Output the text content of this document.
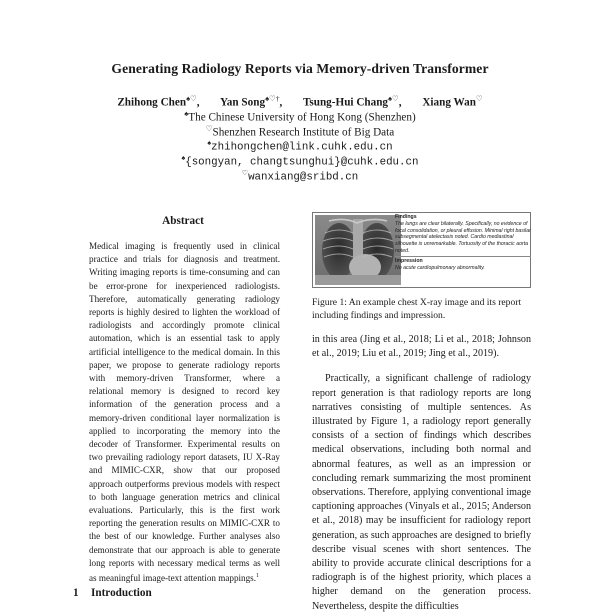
Generating Radiology Reports via Memory-driven Transformer
Zhihong Chen♠♡, Yan Song♠♡†, Tsung-Hui Chang♠♡, Xiang Wan♡
♠The Chinese University of Hong Kong (Shenzhen)
♡Shenzhen Research Institute of Big Data
♠zhihongchen@link.cuhk.edu.cn
♠{songyan, changtsunghui}@cuhk.edu.cn
♡wanxiang@sribd.cn
Abstract
Medical imaging is frequently used in clinical practice and trials for diagnosis and treatment. Writing imaging reports is time-consuming and can be error-prone for inexperienced radiologists. Therefore, automatically generating radiology reports is highly desired to lighten the workload of radiologists and accordingly promote clinical automation, which is an essential task to apply artificial intelligence to the medical domain. In this paper, we propose to generate radiology reports with memory-driven Transformer, where a relational memory is designed to record key information of the generation process and a memory-driven conditional layer normalization is applied to incorporating the memory into the decoder of Transformer. Experimental results on two prevailing radiology report datasets, IU X-Ray and MIMIC-CXR, show that our proposed approach outperforms previous models with respect to both language generation metrics and clinical evaluations. Particularly, this is the first work reporting the generation results on MIMIC-CXR to the best of our knowledge. Further analyses also demonstrate that our approach is able to generate long reports with necessary medical terms as well as meaningful image-text attention mappings.$^1$
1 Introduction
Findings
The lungs are clear bilaterally. Specifically, no evidence of focal consolidation, or pleural effusion. Minimal right basilar subsegmental atelectasis noted. Cardio mediastinal silhouette is unremarkable. Tortuosity of the thoracic aorta noted.
Impression
No acute cardiopulmonary abnormality.
Figure 1: An example chest X-ray image and its report including findings and impression.

in this area (Jing et al., 2018; Li et al., 2018; Johnson et al., 2019; Liu et al., 2019; Jing et al., 2019).

Practically, a significant challenge of radiology report generation is that radiology reports are long narratives consisting of multiple sentences. As illustrated by Figure 1, a radiology report generally consists of a section of findings which describes medical observations, including both normal and abnormal features, as well as an impression or concluding remark summarizing the most prominent observations. Therefore, applying conventional image captioning approaches (Vinyals et al., 2015; Anderson et al., 2018) may be insufficient for radiology report generation, as such approaches are designed to briefly describe visual scenes with short sentences. The ability to provide accurate clinical descriptions for a radiograph is of the highest priority, which places a higher demand on the generation process. Nevertheless, despite the difficulties
